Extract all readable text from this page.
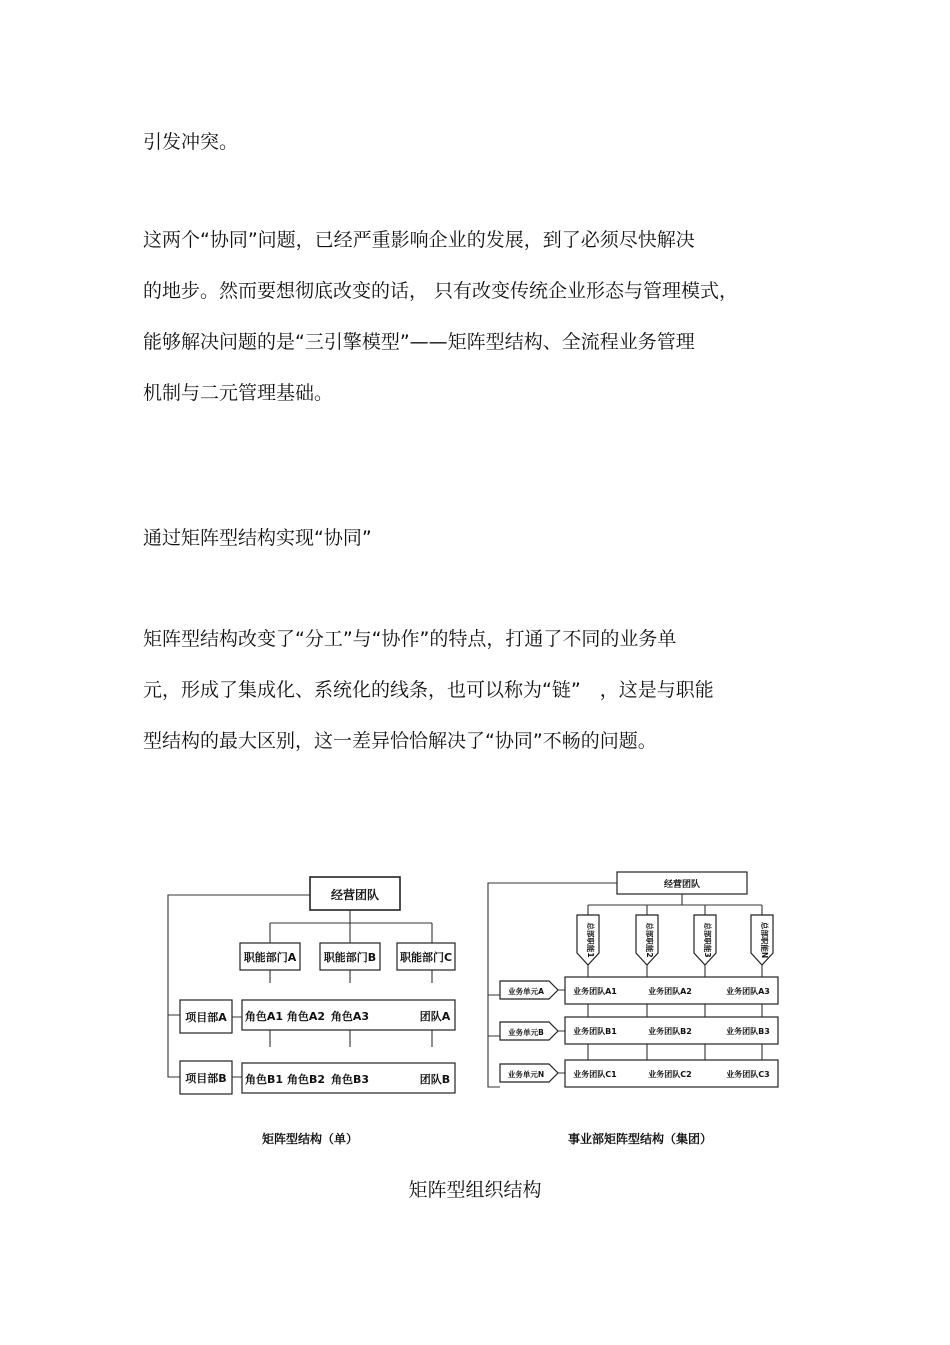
引发冲突。
这两个“协同”问题，已经严重影响企业的发展，到了必须尽快解决
的地步。然而要想彻底改变的话， 只有改变传统企业形态与管理模式，
能够解决问题的是“三引擎模型”——矩阵型结构、全流程业务管理
机制与二元管理基础。
通过矩阵型结构实现“协同”
矩阵型结构改变了“分工”与“协作”的特点，打通了不同的业务单
元，形成了集成化、系统化的线条，也可以称为“链”　，这是与职能
型结构的最大区别，这一差异恰恰解决了“协同”不畅的问题。
经营团队
职能部门A	职能部门B 职能部门C
项目部A
项目部B
角色A1 角色A2 角色A3	团队A
角色B1 角色B2 角色B3	团队B
矩阵型结构（单）
经营团队
总部职能1	总部职能2	总部职能3	总部职能N
业务单元A
业务单元B
业务单元N
业务团队A1	业务团队A2	业务团队A3
业务团队B1	业务团队B2	业务团队B3
业务团队C1	业务团队C2	业务团队C3
事业部矩阵型结构（集团）
矩阵型组织结构
